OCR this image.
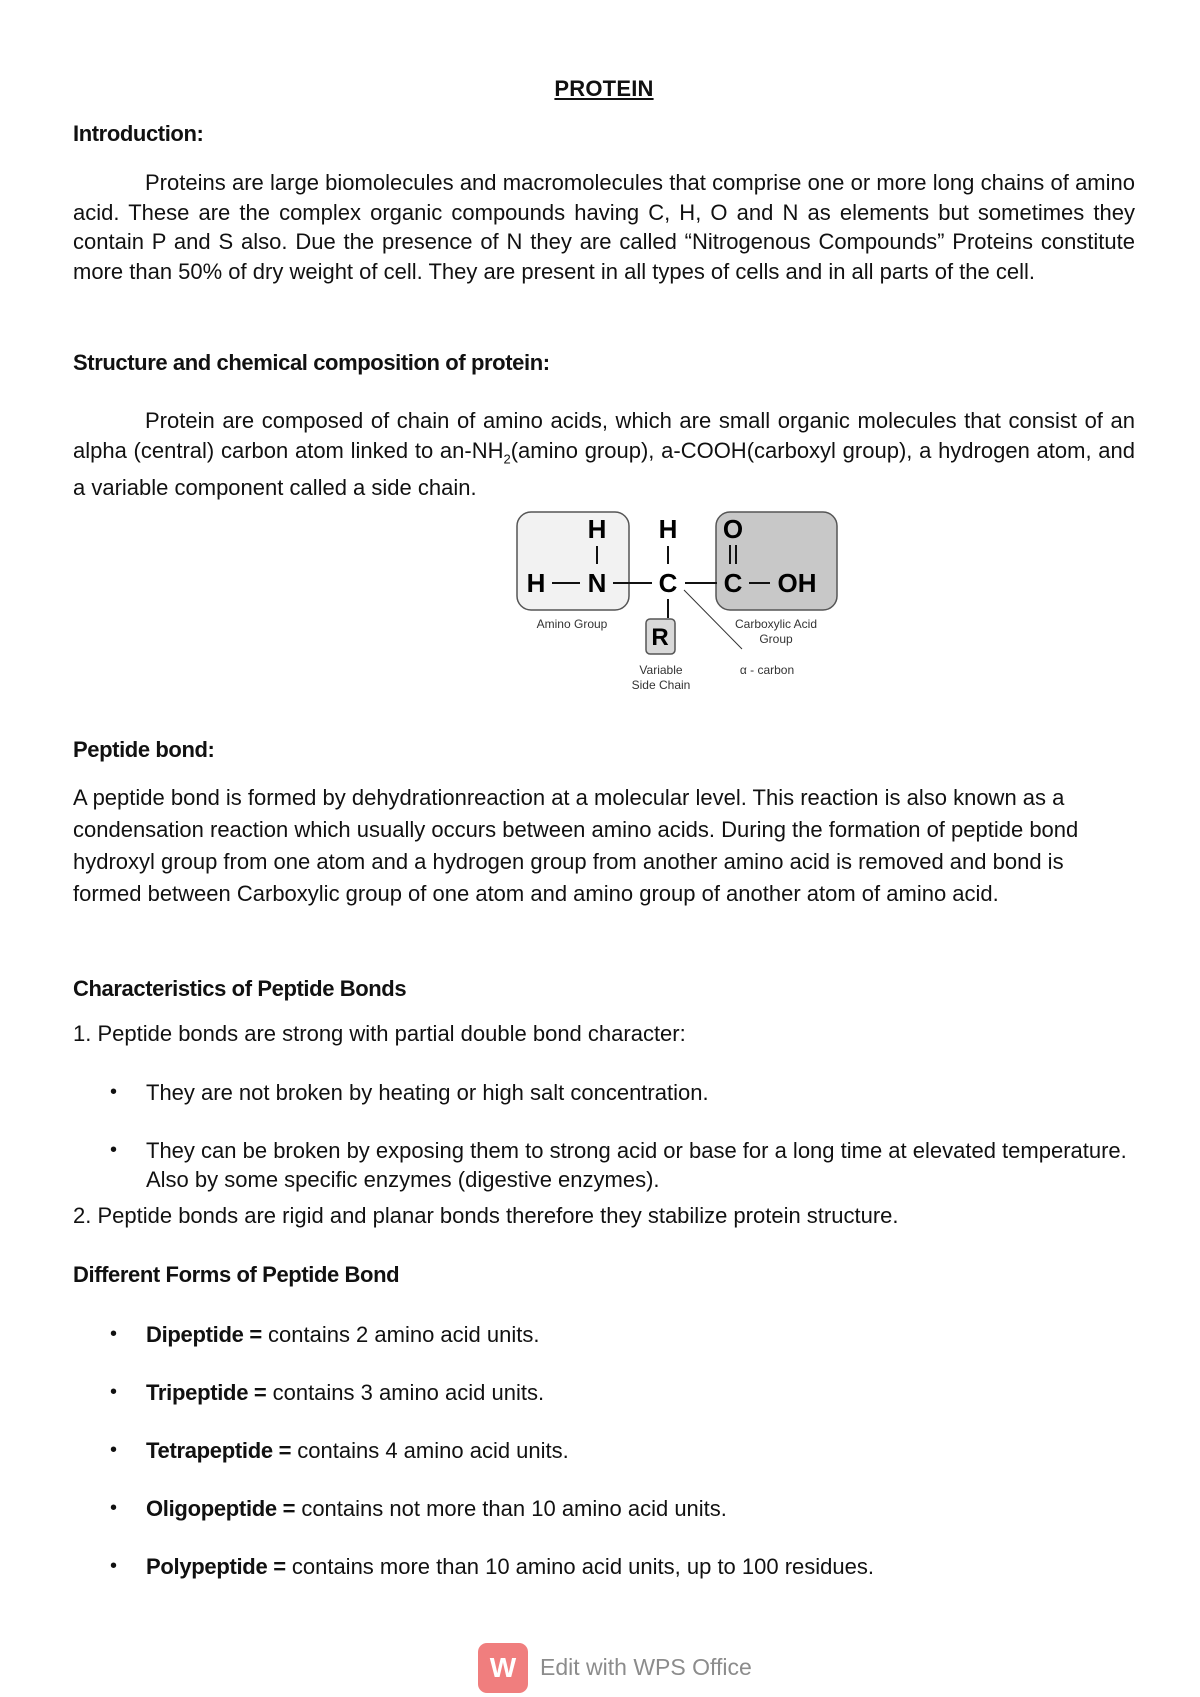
PROTEIN
Introduction:
Proteins are large biomolecules and macromolecules that comprise one or more long chains of amino acid. These are the complex organic compounds having C, H, O and N as elements but sometimes they contain P and S also. Due the presence of N they are called “Nitrogenous Compounds” Proteins constitute more than 50% of dry weight of cell. They are present in all types of cells and in all parts of the cell.
Structure and chemical composition of protein:
Protein are composed of chain of amino acids, which are small organic molecules that consist of an alpha (central) carbon atom linked to $an-NH_2(amino$ group), a-COOH(carboxyl group), a hydrogen atom, and a variable component called a side chain.
H H O
H N C C OH
R
Amino Group	Carboxylic Acid
Group
Variable
Side Chain
α - carbon
Peptide bond:
A peptide bond is formed by dehydrationreaction at a molecular level. This reaction is also known as a condensation reaction which usually occurs between amino acids. During the formation of peptide bond hydroxyl group from one atom and a hydrogen group from another amino acid is removed and bond is formed between Carboxylic group of one atom and amino group of another atom of amino acid.
Characteristics of Peptide Bonds
1. Peptide bonds are strong with partial double bond character:
• They are not broken by heating or high salt concentration.
• They can be broken by exposing them to strong acid or base for a long time at elevated temperature. Also by some specific enzymes (digestive enzymes).
2. Peptide bonds are rigid and planar bonds therefore they stabilize protein structure.
Different Forms of Peptide Bond
• Dipeptide = contains 2 amino acid units.
• Tripeptide = contains 3 amino acid units.
• Tetrapeptide = contains 4 amino acid units.
• Oligopeptide = contains not more than 10 amino acid units.
• Polypeptide = contains more than 10 amino acid units, up to 100 residues.
W	Edit with WPS Office
